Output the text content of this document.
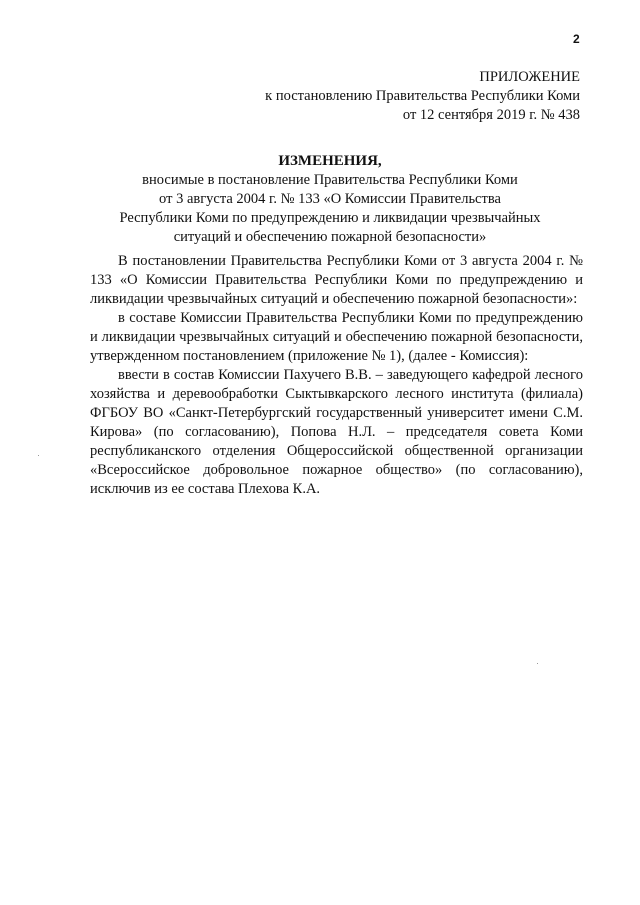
2
ПРИЛОЖЕНИЕ
к постановлению Правительства Республики Коми
от 12 сентября 2019 г. № 438
ИЗМЕНЕНИЯ,
вносимые в постановление Правительства Республики Коми
от 3 августа 2004 г. № 133 «О Комиссии Правительства
Республики Коми по предупреждению и ликвидации чрезвычайных
ситуаций и обеспечению пожарной безопасности»

В постановлении Правительства Республики Коми от 3 августа 2004 г. № 133 «О Комиссии Правительства Республики Коми по предупреждению и ликвидации чрезвычайных ситуаций и обеспечению пожарной безопасности»:

в составе Комиссии Правительства Республики Коми по предупреждению и ликвидации чрезвычайных ситуаций и обеспечению пожарной безопасности, утвержденном постановлением (приложение № 1), (далее - Комиссия):

ввести в состав Комиссии Пахучего В.В. – заведующего кафедрой лесного хозяйства и деревообработки Сыктывкарского лесного института (филиала) ФГБОУ ВО «Санкт-Петербургский государственный университет имени С.М. Кирова» (по согласованию), Попова Н.Л. – председателя совета Коми республиканского отделения Общероссийской общественной организации «Всероссийское добровольное пожарное общество» (по согласованию), исключив из ее состава Плехова К.А.
